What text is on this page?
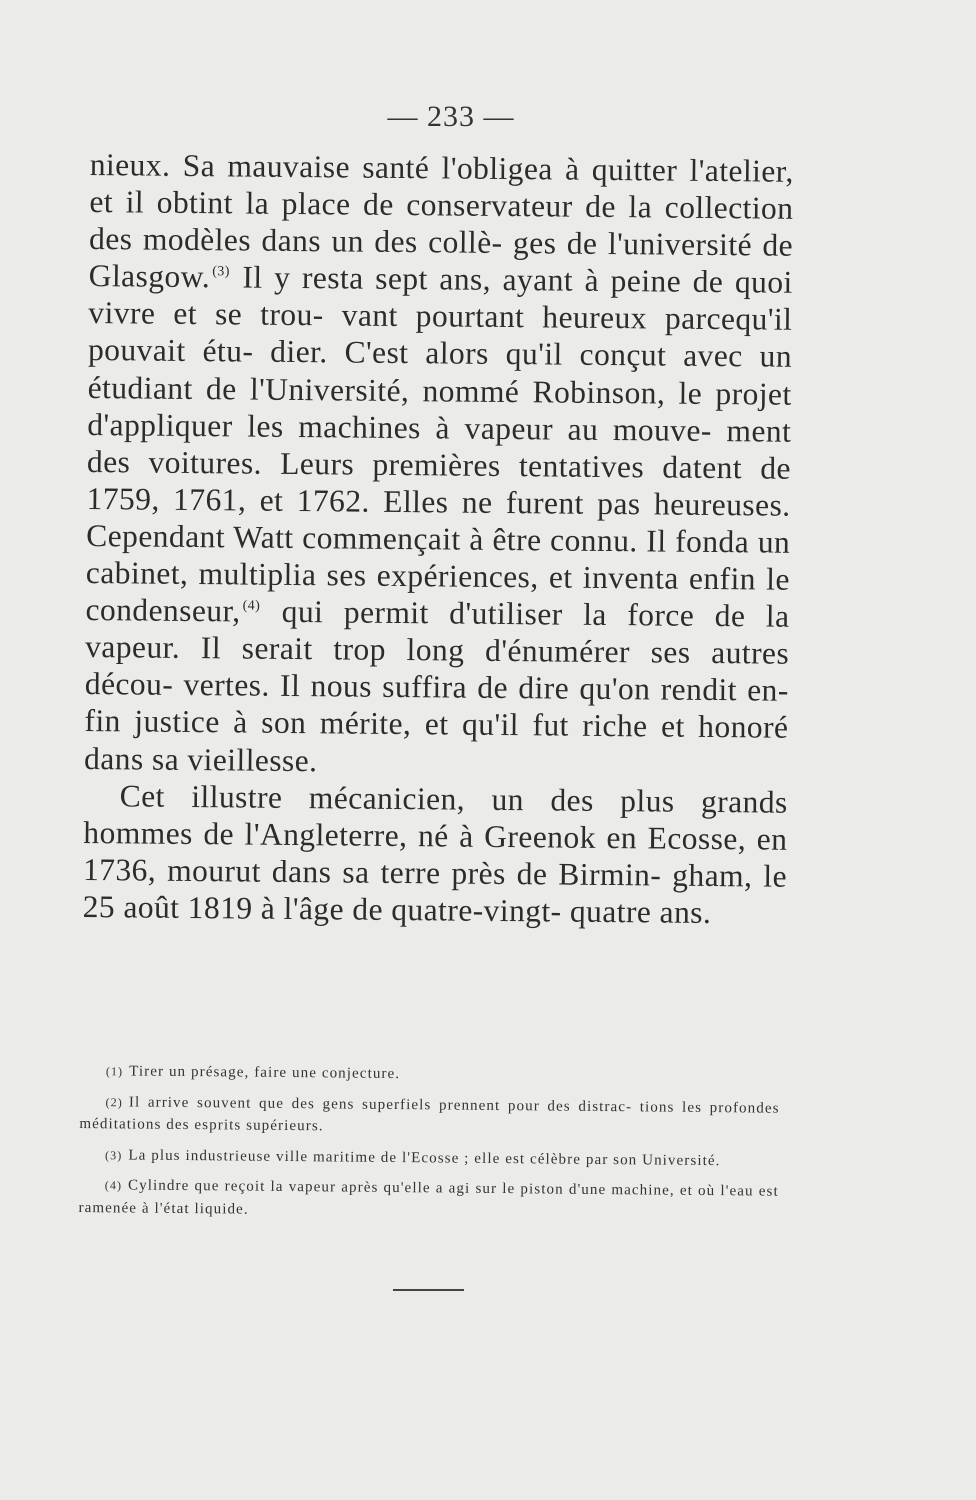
— 233 —

nieux. Sa mauvaise santé l'obligea à quitter l'atelier, et il obtint la place de conservateur de la collection des modèles dans un des collè- ges de l'université de Glasgow. $^{(3)}$ Il y resta sept ans, ayant à peine de quoi vivre et se trou- vant pourtant heureux parcequ'il pouvait étu- dier. C'est alors qu'il conçut avec un étudiant de l'Université, nommé Robinson, le projet d'appliquer les machines à vapeur au mouve- ment des voitures. Leurs premières tentatives datent de 1759, 1761, et 1762. Elles ne furent pas heureuses. Cependant Watt commençait à être connu. Il fonda un cabinet, multiplia ses expériences, et inventa enfin le condenseur, $^{(4)}$ qui permit d'utiliser la force de la vapeur. Il serait trop long d'énumérer ses autres décou- vertes. Il nous suffira de dire qu'on rendit en- fin justice à son mérite, et qu'il fut riche et honoré dans sa vieillesse.

Cet illustre mécanicien, un des plus grands hommes de l'Angleterre, né à Greenok en Ecosse, en 1736, mourut dans sa terre près de Birmin- gham, le 25 août 1819 à l'âge de quatre-vingt- quatre ans.

(1) Tirer un présage, faire une conjecture.

(2) Il arrive souvent que des gens superfiels prennent pour des distrac- tions les profondes méditations des esprits supérieurs.

(3) La plus industrieuse ville maritime de l'Ecosse ; elle est célèbre par son Université.

(4) Cylindre que reçoit la vapeur après qu'elle a agi sur le piston d'une machine, et où l'eau est ramenée à l'état liquide.
